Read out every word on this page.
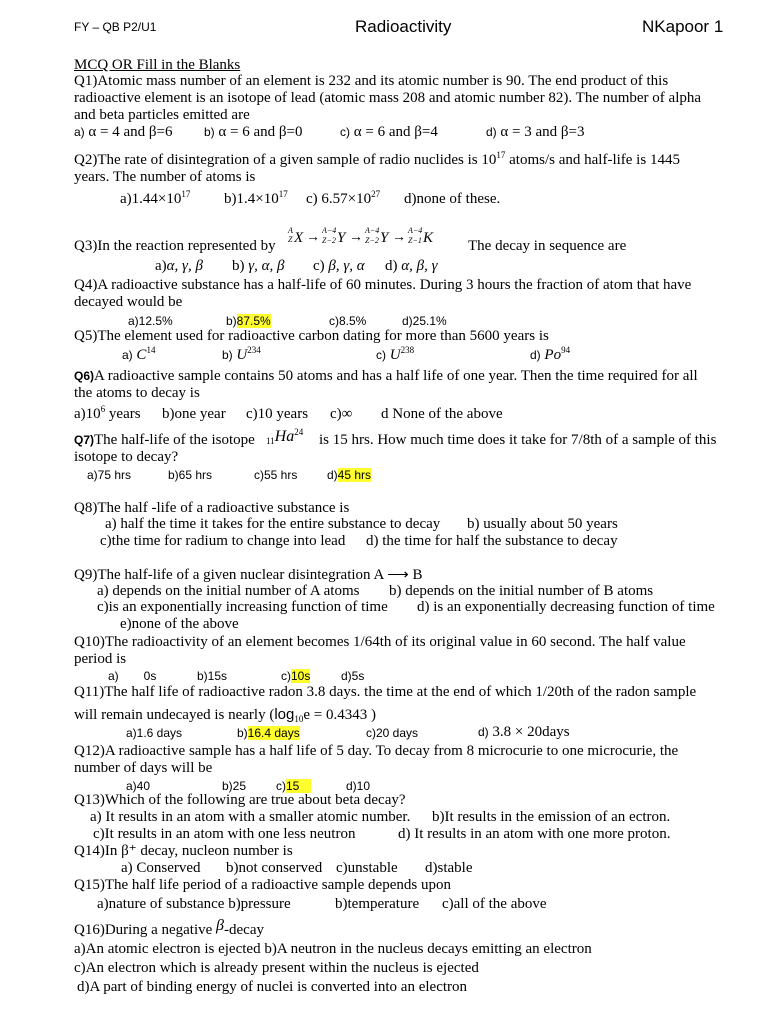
FY – QB P2/U1	Radioactivity	NKapoor 1
MCQ OR Fill in the Blanks
Q1)Atomic mass number of an element is 232 and its atomic number is 90. The end product of this
radioactive element is an isotope of lead (atomic mass 208 and atomic number 82). The number of alpha
and beta particles emitted are
a) α = 4 and β=6	b) α = 6 and β=0	c) α = 6 and β=4	d) α = 3 and β=3
Q2)The rate of disintegration of a given sample of radio nuclides is $10^{17}$ atoms/s and half-life is 1445
years. The number of atoms is
$a)1.44\times 10^{17}$ $b)1.4\times 10^{17}$ c) $6.57\times 10^{27}$ d)none of these.
Q3)In the reaction represented by
A
Z X → A−4
Z−2 Y → A−4
Z−2 Y → A−4
Z−1 K The decay in sequence are
a)α, γ, β b) γ, α, β c) β, γ, α d) α, β, γ
Q4)A radioactive substance has a half-life of 60 minutes. During 3 hours the fraction of atom that have
decayed would be
a)12.5%	b)87.5%	c)8.5%	d)25.1%
Q5)The element used for radioactive carbon dating for more than 5600 years is
a) $C^{14}$	b) $U^{234}$	c) $U^{238}$	d) Po$^{94}$
Q6)A radioactive sample contains 50 atoms and has a half life of one year. Then the time required for all
the atoms to decay is
$a)10^6$ years b)one year c)10 years c)∞ d None of the above
Q7)The half-life of the isotope $_{11}Ha^{24}$ is 15 hrs. How much time does it take for 7/8th of a sample of this
isotope to decay?
a)75 hrs	b)65 hrs	c)55 hrs d)45 hrs
Q8)The half -life of a radioactive substance is
a) half the time it takes for the entire substance to decay b) usually about 50 years
c)the time for radium to change into lead d) the time for half the substance to decay
Q9)The half-life of a given nuclear disintegration A ⟶ B
a) depends on the initial number of A atoms b) depends on the initial number of B atoms
c)is an exponentially increasing function of time d) is an exponentially decreasing function of time
e)none of the above
Q10)The radioactivity of an element becomes 1/64th of its original value in 60 second. The half value
period is
a) 0s	b)15s	c)10s	d)5s
Q11)The half life of radioactive radon 3.8 days. the time at the end of which 1/20th of the radon sample
will remain undecayed is nearly ($\log_{10}e = 0.4343$ )
a)1.6 days	b)16.4 days	c)20 days	d) 3.8 × 20days
Q12)A radioactive sample has a half life of 5 day. To decay from 8 microcurie to one microcurie, the
number of days will be
a)40	b)25 c)15	d)10
Q13)Which of the following are true about beta decay?
a) It results in an atom with a smaller atomic number. b)It results in the emission of an ectron.
c)It results in an atom with one less neutron	d) It results in an atom with one more proton.
Q14)In β⁺ decay, nucleon number is
a) Conserved b)not conserved c)unstable d)stable
Q15)The half life period of a radioactive sample depends upon
a)nature of substance b)pressure	b)temperature c)all of the above
Q16)During a negative β-decay
a)An atomic electron is ejected b)A neutron in the nucleus decays emitting an electron
c)An electron which is already present within the nucleus is ejected
d)A part of binding energy of nuclei is converted into an electron
